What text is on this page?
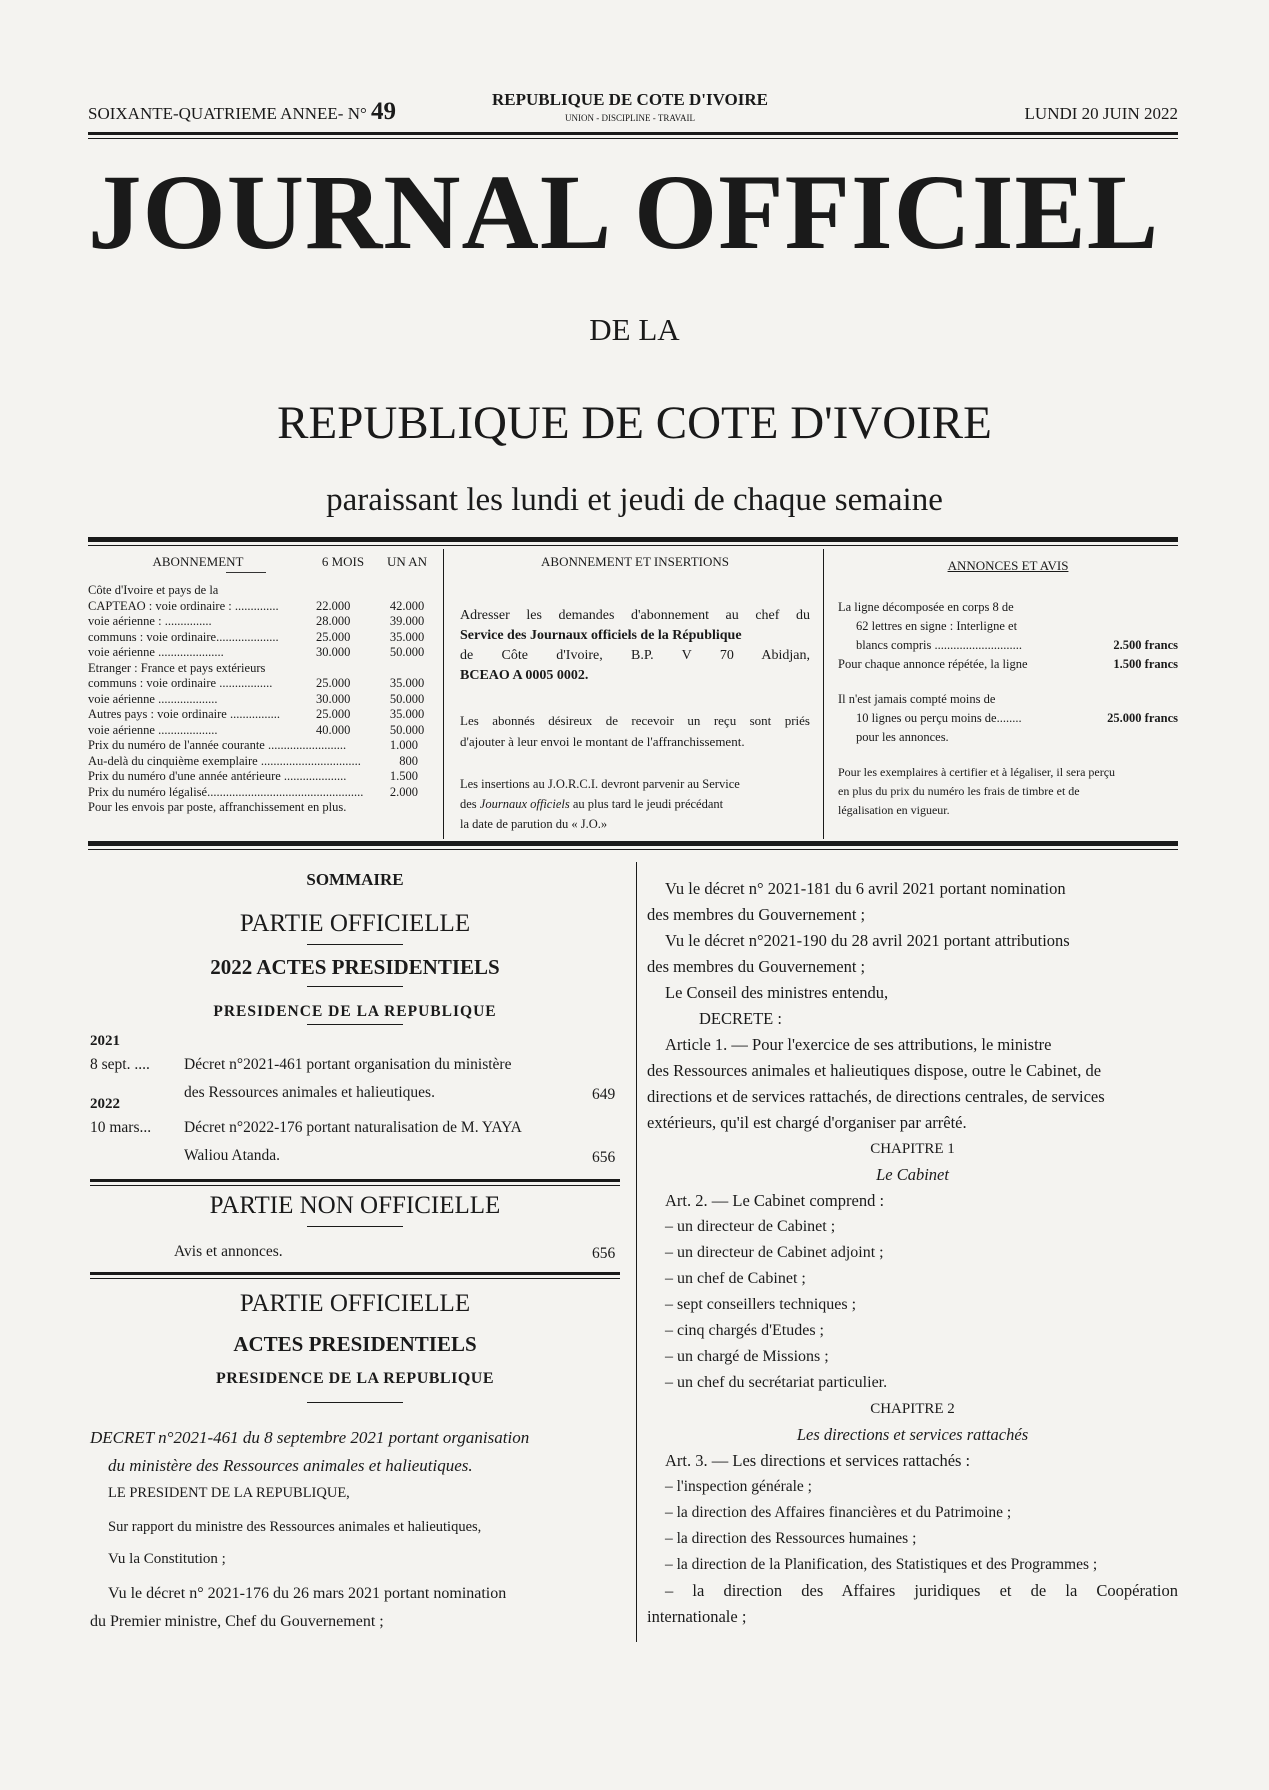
SOIXANTE-QUATRIEME ANNEE- N° 49	REPUBLIQUE DE COTE D'IVOIRE
UNION - DISCIPLINE - TRAVAIL	LUNDI 20 JUIN 2022
JOURNAL OFFICIEL
DE LA
REPUBLIQUE DE COTE D'IVOIRE
paraissant les lundi et jeudi de chaque semaine
ABONNEMENT	6 MOIS	UN AN
Côte d'Ivoire et pays de la
CAPTEAO : voie ordinaire : ..............	22.000	42.000
voie aérienne : ...............	28.000	39.000
communs : voie ordinaire....................	25.000	35.000
voie aérienne .....................	30.000	50.000
Etranger : France et pays extérieurs
communs : voie ordinaire .................	25.000	35.000
voie aérienne ...................	30.000	50.000
Autres pays : voie ordinaire ................	25.000	35.000
voie aérienne ...................	40.000	50.000
Prix du numéro de l'année courante .........................	1.000
Au-delà du cinquième exemplaire ................................	800
Prix du numéro d'une année antérieure ....................	1.500
Prix du numéro légalisé..................................................	2.000
Pour les envois par poste, affranchissement en plus.
ABONNEMENT ET INSERTIONS
Adresser les demandes d'abonnement au chef du
Service des Journaux officiels de la République
de Côte d'Ivoire, B.P. V 70 Abidjan,
BCEAO A 0005 0002.
Les abonnés désireux de recevoir un reçu sont priés
d'ajouter à leur envoi le montant de l'affranchissement.
Les insertions au J.O.R.C.I. devront parvenir au Service
des Journaux officiels au plus tard le jeudi précédant
la date de parution du « J.O.»
ANNONCES ET AVIS
La ligne décomposée en corps 8 de
62 lettres en signe : Interligne et
blancs compris ............................	2.500 francs
Pour chaque annonce répétée, la ligne	1.500 francs
Il n'est jamais compté moins de
10 lignes ou perçu moins de........	25.000 francs
pour les annonces.
Pour les exemplaires à certifier et à légaliser, il sera perçu
en plus du prix du numéro les frais de timbre et de
légalisation en vigueur.
SOMMAIRE
PARTIE OFFICIELLE
2022 ACTES PRESIDENTIELS
PRESIDENCE DE LA REPUBLIQUE
2021
8 sept. .... Décret n°2021-461 portant organisation du ministère
des Ressources animales et halieutiques.	649
2022
10 mars... Décret n°2022-176 portant naturalisation de M. YAYA
Waliou Atanda.	656
PARTIE NON OFFICIELLE
Avis et annonces.	656
PARTIE OFFICIELLE
ACTES PRESIDENTIELS
PRESIDENCE DE LA REPUBLIQUE
DECRET n°2021-461 du 8 septembre 2021 portant organisation
du ministère des Ressources animales et halieutiques.
LE PRESIDENT DE LA REPUBLIQUE,
Sur rapport du ministre des Ressources animales et halieutiques,
Vu la Constitution ;
Vu le décret n° 2021-176 du 26 mars 2021 portant nomination
du Premier ministre, Chef du Gouvernement ;
Vu le décret n° 2021-181 du 6 avril 2021 portant nomination
des membres du Gouvernement ;
Vu le décret n°2021-190 du 28 avril 2021 portant attributions
des membres du Gouvernement ;
Le Conseil des ministres entendu,
DECRETE :
Article 1. — Pour l'exercice de ses attributions, le ministre
des Ressources animales et halieutiques dispose, outre le Cabinet, de
directions et de services rattachés, de directions centrales, de services
extérieurs, qu'il est chargé d'organiser par arrêté.
CHAPITRE 1
Le Cabinet
Art. 2. — Le Cabinet comprend :
– un directeur de Cabinet ;
– un directeur de Cabinet adjoint ;
– un chef de Cabinet ;
– sept conseillers techniques ;
– cinq chargés d'Etudes ;
– un chargé de Missions ;
– un chef du secrétariat particulier.
CHAPITRE 2
Les directions et services rattachés
Art. 3. — Les directions et services rattachés :
– l'inspection générale ;
– la direction des Affaires financières et du Patrimoine ;
– la direction des Ressources humaines ;
– la direction de la Planification, des Statistiques et des Programmes ;
– la direction des Affaires juridiques et de la Coopération
internationale ;
